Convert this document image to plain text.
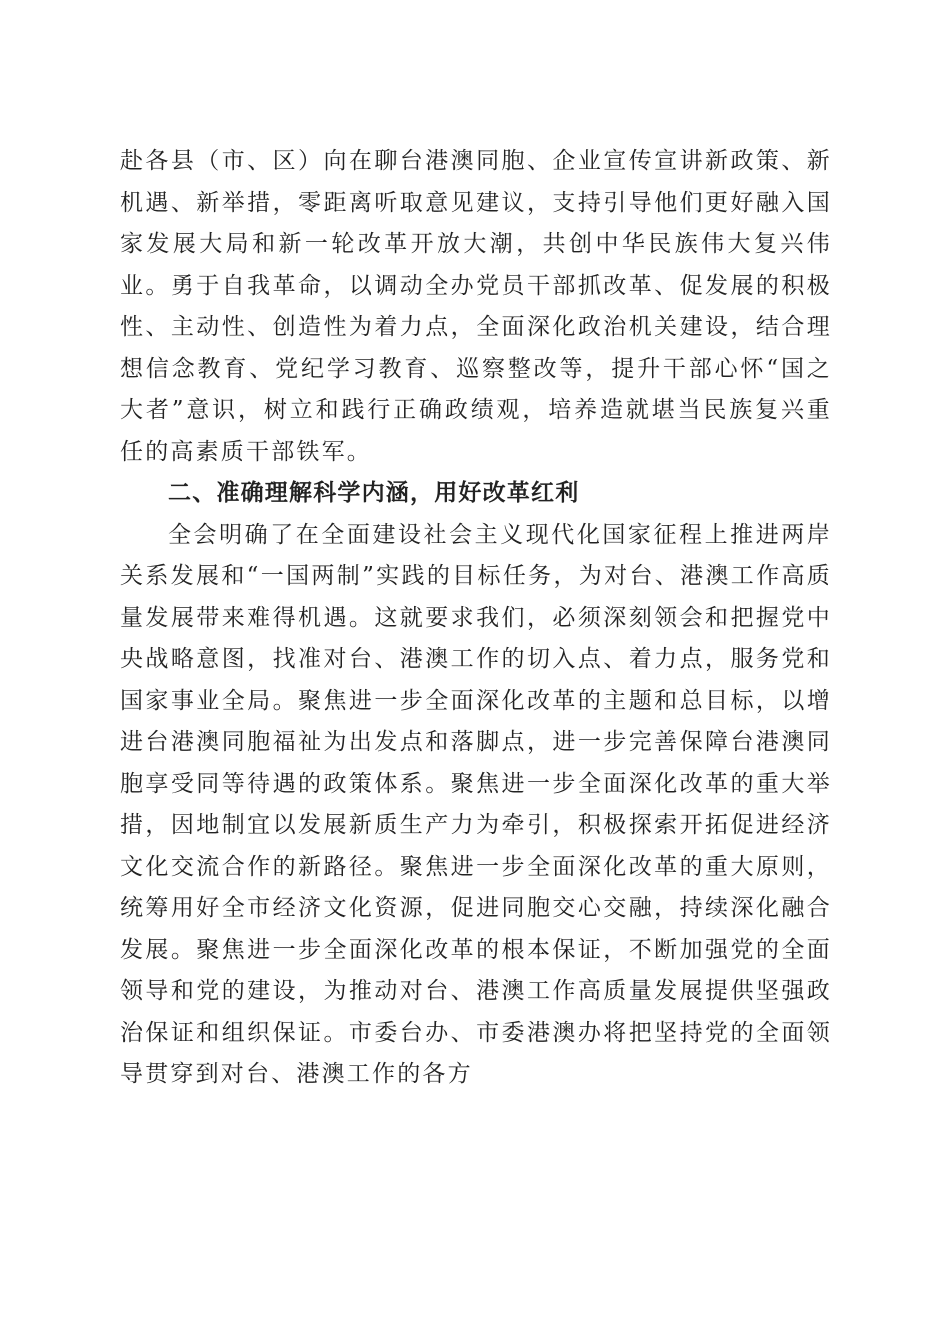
赴各县（市、区）向在聊台港澳同胞、企业宣传宣讲新政策、新机遇、新举措，零距离听取意见建议，支持引导他们更好融入国家发展大局和新一轮改革开放大潮，共创中华民族伟大复兴伟业。勇于自我革命，以调动全办党员干部抓改革、促发展的积极性、主动性、创造性为着力点，全面深化政治机关建设，结合理想信念教育、党纪学习教育、巡察整改等，提升干部心怀“国之大者”意识，树立和践行正确政绩观，培养造就堪当民族复兴重任的高素质干部铁军。

二、准确理解科学内涵，用好改革红利

全会明确了在全面建设社会主义现代化国家征程上推进两岸关系发展和“一国两制”实践的目标任务，为对台、港澳工作高质量发展带来难得机遇。这就要求我们，必须深刻领会和把握党中央战略意图，找准对台、港澳工作的切入点、着力点，服务党和国家事业全局。聚焦进一步全面深化改革的主题和总目标，以增进台港澳同胞福祉为出发点和落脚点，进一步完善保障台港澳同胞享受同等待遇的政策体系。聚焦进一步全面深化改革的重大举措，因地制宜以发展新质生产力为牵引，积极探索开拓促进经济文化交流合作的新路径。聚焦进一步全面深化改革的重大原则，统筹用好全市经济文化资源，促进同胞交心交融，持续深化融合发展。聚焦进一步全面深化改革的根本保证，不断加强党的全面领导和党的建设，为推动对台、港澳工作高质量发展提供坚强政治保证和组织保证。市委台办、市委港澳办将把坚持党的全面领导贯穿到对台、港澳工作的各方
